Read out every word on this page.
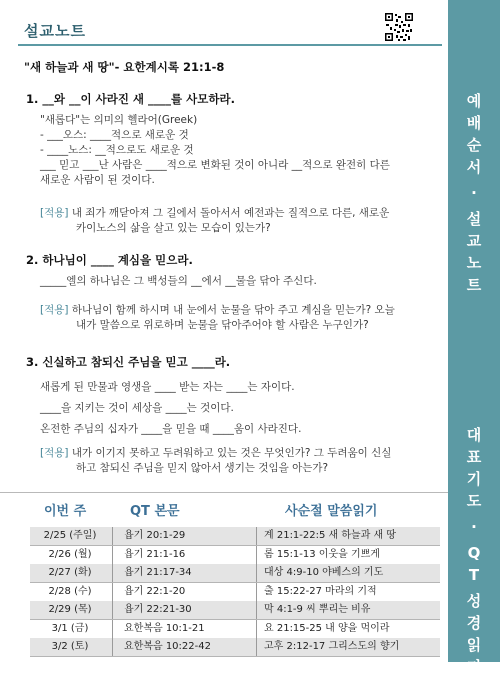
설교노트
"새 하늘과 새 땅"- 요한계시록 21:1-8
1. __와 __이 사라진 새 ____를 사모하라.
"새롭다"는 의미의 헬라어(Greek)
- ___오스: ____적으로 새로운 것
- ____노스: __적으로도 새로운 것
___ 믿고 ___난 사람은 ____적으로 변화된 것이 아니라 __적으로 완전히 다른
새로운 사람이 된 것이다.
[적용] 내 죄가 깨닫아져 그 길에서 돌아서서 예전과는 질적으로 다른, 새로운
카이노스의 삶을 살고 있는 모습이 있는가?
2. 하나님이 ____ 계심을 믿으라.
_____엘의 하나님은 그 백성들의 __에서 __물을 닦아 주신다.
[적용] 하나님이 함께 하시며 내 눈에서 눈물을 닦아 주고 계심을 믿는가? 오늘
내가 말씀으로 위로하며 눈물을 닦아주어야 할 사람은 누구인가?
3. 신실하고 참되신 주님을 믿고 ____라.
새롭게 된 만물과 영생을 ____ 받는 자는 ____는 자이다.
____을 지키는 것이 세상을 ____는 것이다.
온전한 주님의 십자가 ____을 믿을 때 ____움이 사라진다.
[적용] 내가 이기지 못하고 두려워하고 있는 것은 무엇인가? 그 두려움이 신실
하고 참되신 주님을 믿지 않아서 생기는 것임을 아는가?
이번 주	QT 본문	사순절 말씀읽기
2/25 (주일)	욥기 20:1-29	계 21:1-22:5 새 하늘과 새 땅
2/26 (월)	욥기 21:1-16	롬 15:1-13 이웃을 기쁘게
2/27 (화)	욥기 21:17-34	대상 4:9-10 야베스의 기도
2/28 (수)	욥기 22:1-20	출 15:22-27 마라의 기적
2/29 (목)	욥기 22:21-30	막 4:1-9 씨 뿌리는 비유
3/1 (금)	요한복음 10:1-21	요 21:15-25 내 양을 먹이라
3/2 (토)	요한복음 10:22-42	고후 2:12-17 그리스도의 향기
예
배
순
서
·
설
교
노
트
대
표
기
도
·
Q
T
성
경
읽
기
